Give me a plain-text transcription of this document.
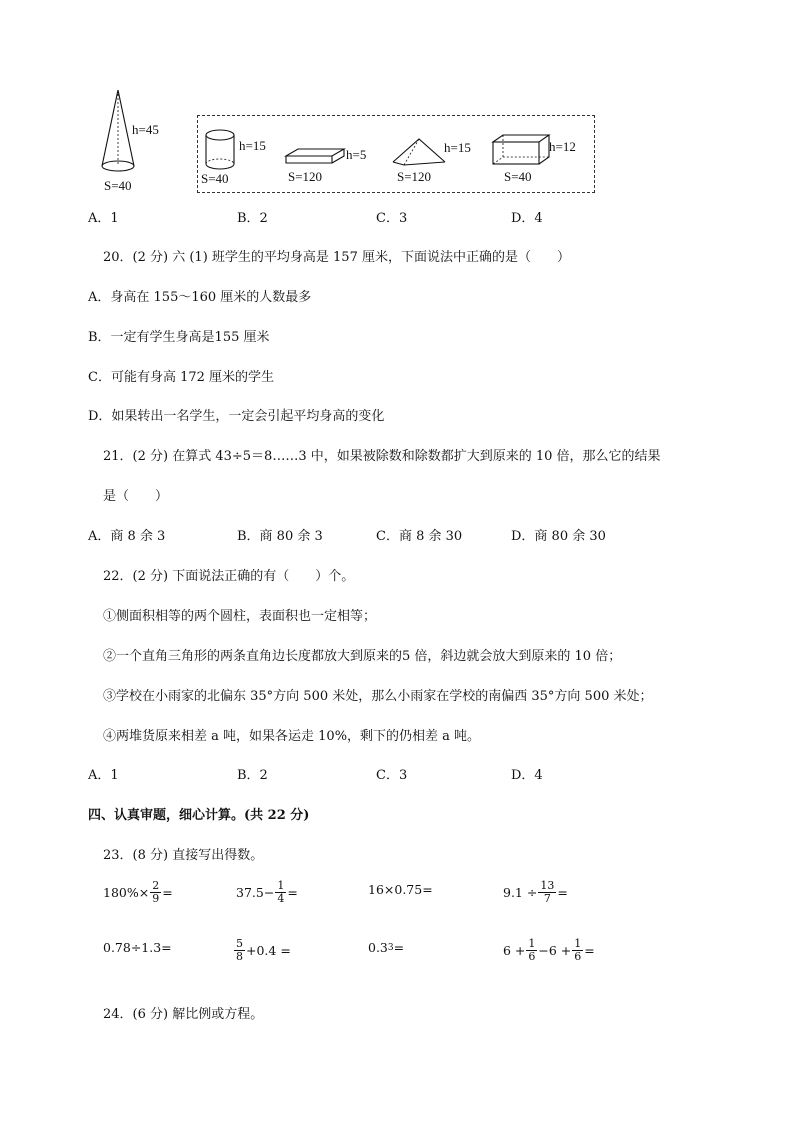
h=45
S=40
h=15
S=40
h=5
S=120
h=15
S=120
h=12
S=40
A．1	B．2	C．3	D．4
20．(2 分) 六 (1) 班学生的平均身高是 157 厘米，下面说法中正确的是（　　）
A．身高在 155～160 厘米的人数最多
B．一定有学生身高是155 厘米
C．可能有身高 172 厘米的学生
D．如果转出一名学生，一定会引起平均身高的变化
21．(2 分) 在算式 43÷5＝8……3 中，如果被除数和除数都扩大到原来的 10 倍，那么它的结果
是（　　）
A．商 8 余 3	B．商 80 余 3	C．商 8 余 30	D．商 80 余 30
22．(2 分) 下面说法正确的有（　　）个。
①侧面积相等的两个圆柱，表面积也一定相等；
②一个直角三角形的两条直角边长度都放大到原来的5 倍，斜边就会放大到原来的 10 倍；
③学校在小雨家的北偏东 35°方向 500 米处，那么小雨家在学校的南偏西 35°方向 500 米处；
④两堆货原来相差 a 吨，如果各运走 10%，剩下的仍相差 a 吨。
A．1	B．2	C．3	D．4
四、认真审题，细心计算。(共 22 分)
23．(8 分) 直接写出得数。
$180\%\times \frac{2}{9}$ =	$37.5- \frac{1}{4}$ =	16×0.75=	$9.1 \div \frac{13}{7}$ =
0.78÷1.3=	$\frac{5}{8} +0.4$ =	0.3 3 =	$6 + \frac{1}{6} -6 + \frac{1}{6}$ =
24．(6 分) 解比例或方程。
